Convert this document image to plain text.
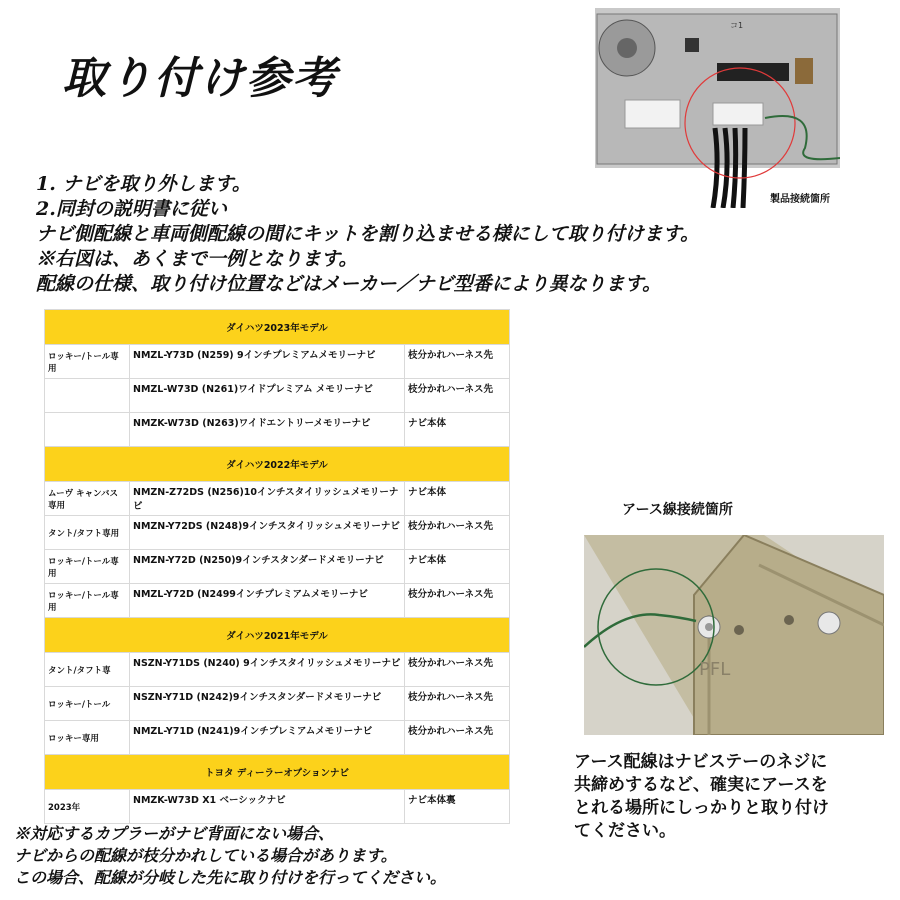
取り付け参考
コ1
製品接続箇所
1. ナビを取り外します。
2.同封の説明書に従い
ナビ側配線と車両側配線の間にキットを割り込ませる様にして取り付けます。
※右図は、あくまで一例となります。
配線の仕様、取り付け位置などはメーカー／ナビ型番により異なります。
ダイハツ2023年モデル		
ロッキー/トール専用	NMZL-Y73D (N259) 9インチプレミアムメモリーナビ	枝分かれハーネス先
	NMZL-W73D (N261)ワイドプレミアム メモリーナビ	枝分かれハーネス先
	NMZK-W73D (N263)ワイドエントリーメモリーナビ	ナビ本体
ダイハツ2022年モデル		
ムーヴ キャンバス専用	NMZN-Z72DS (N256)10インチスタイリッシュメモリーナビ	ナビ本体
タント/タフト専用	NMZN-Y72DS (N248)9インチスタイリッシュメモリーナビ	枝分かれハーネス先
ロッキー/トール専用	NMZN-Y72D (N250)9インチスタンダードメモリーナビ	ナビ本体
ロッキー/トール専用	NMZL-Y72D (N2499インチプレミアムメモリーナビ	枝分かれハーネス先
ダイハツ2021年モデル		
タント/タフト専	NSZN-Y71DS (N240) 9インチスタイリッシュメモリーナビ	枝分かれハーネス先
ロッキー/トール	NSZN-Y71D (N242)9インチスタンダードメモリーナビ	枝分かれハーネス先
ロッキー専用	NMZL-Y71D (N241)9インチプレミアムメモリーナビ	枝分かれハーネス先
トヨタ ディーラーオプションナビ		
2023年	NMZK-W73D X1 ベーシックナビ	ナビ本体裏
アース線接続箇所
PFL
アース配線はナビステーのネジに
共締めするなど、確実にアースを
とれる場所にしっかりと取り付け
てください。
※対応するカプラーがナビ背面にない場合、
ナビからの配線が枝分かれしている場合があります。
この場合、配線が分岐した先に取り付けを行ってください。
